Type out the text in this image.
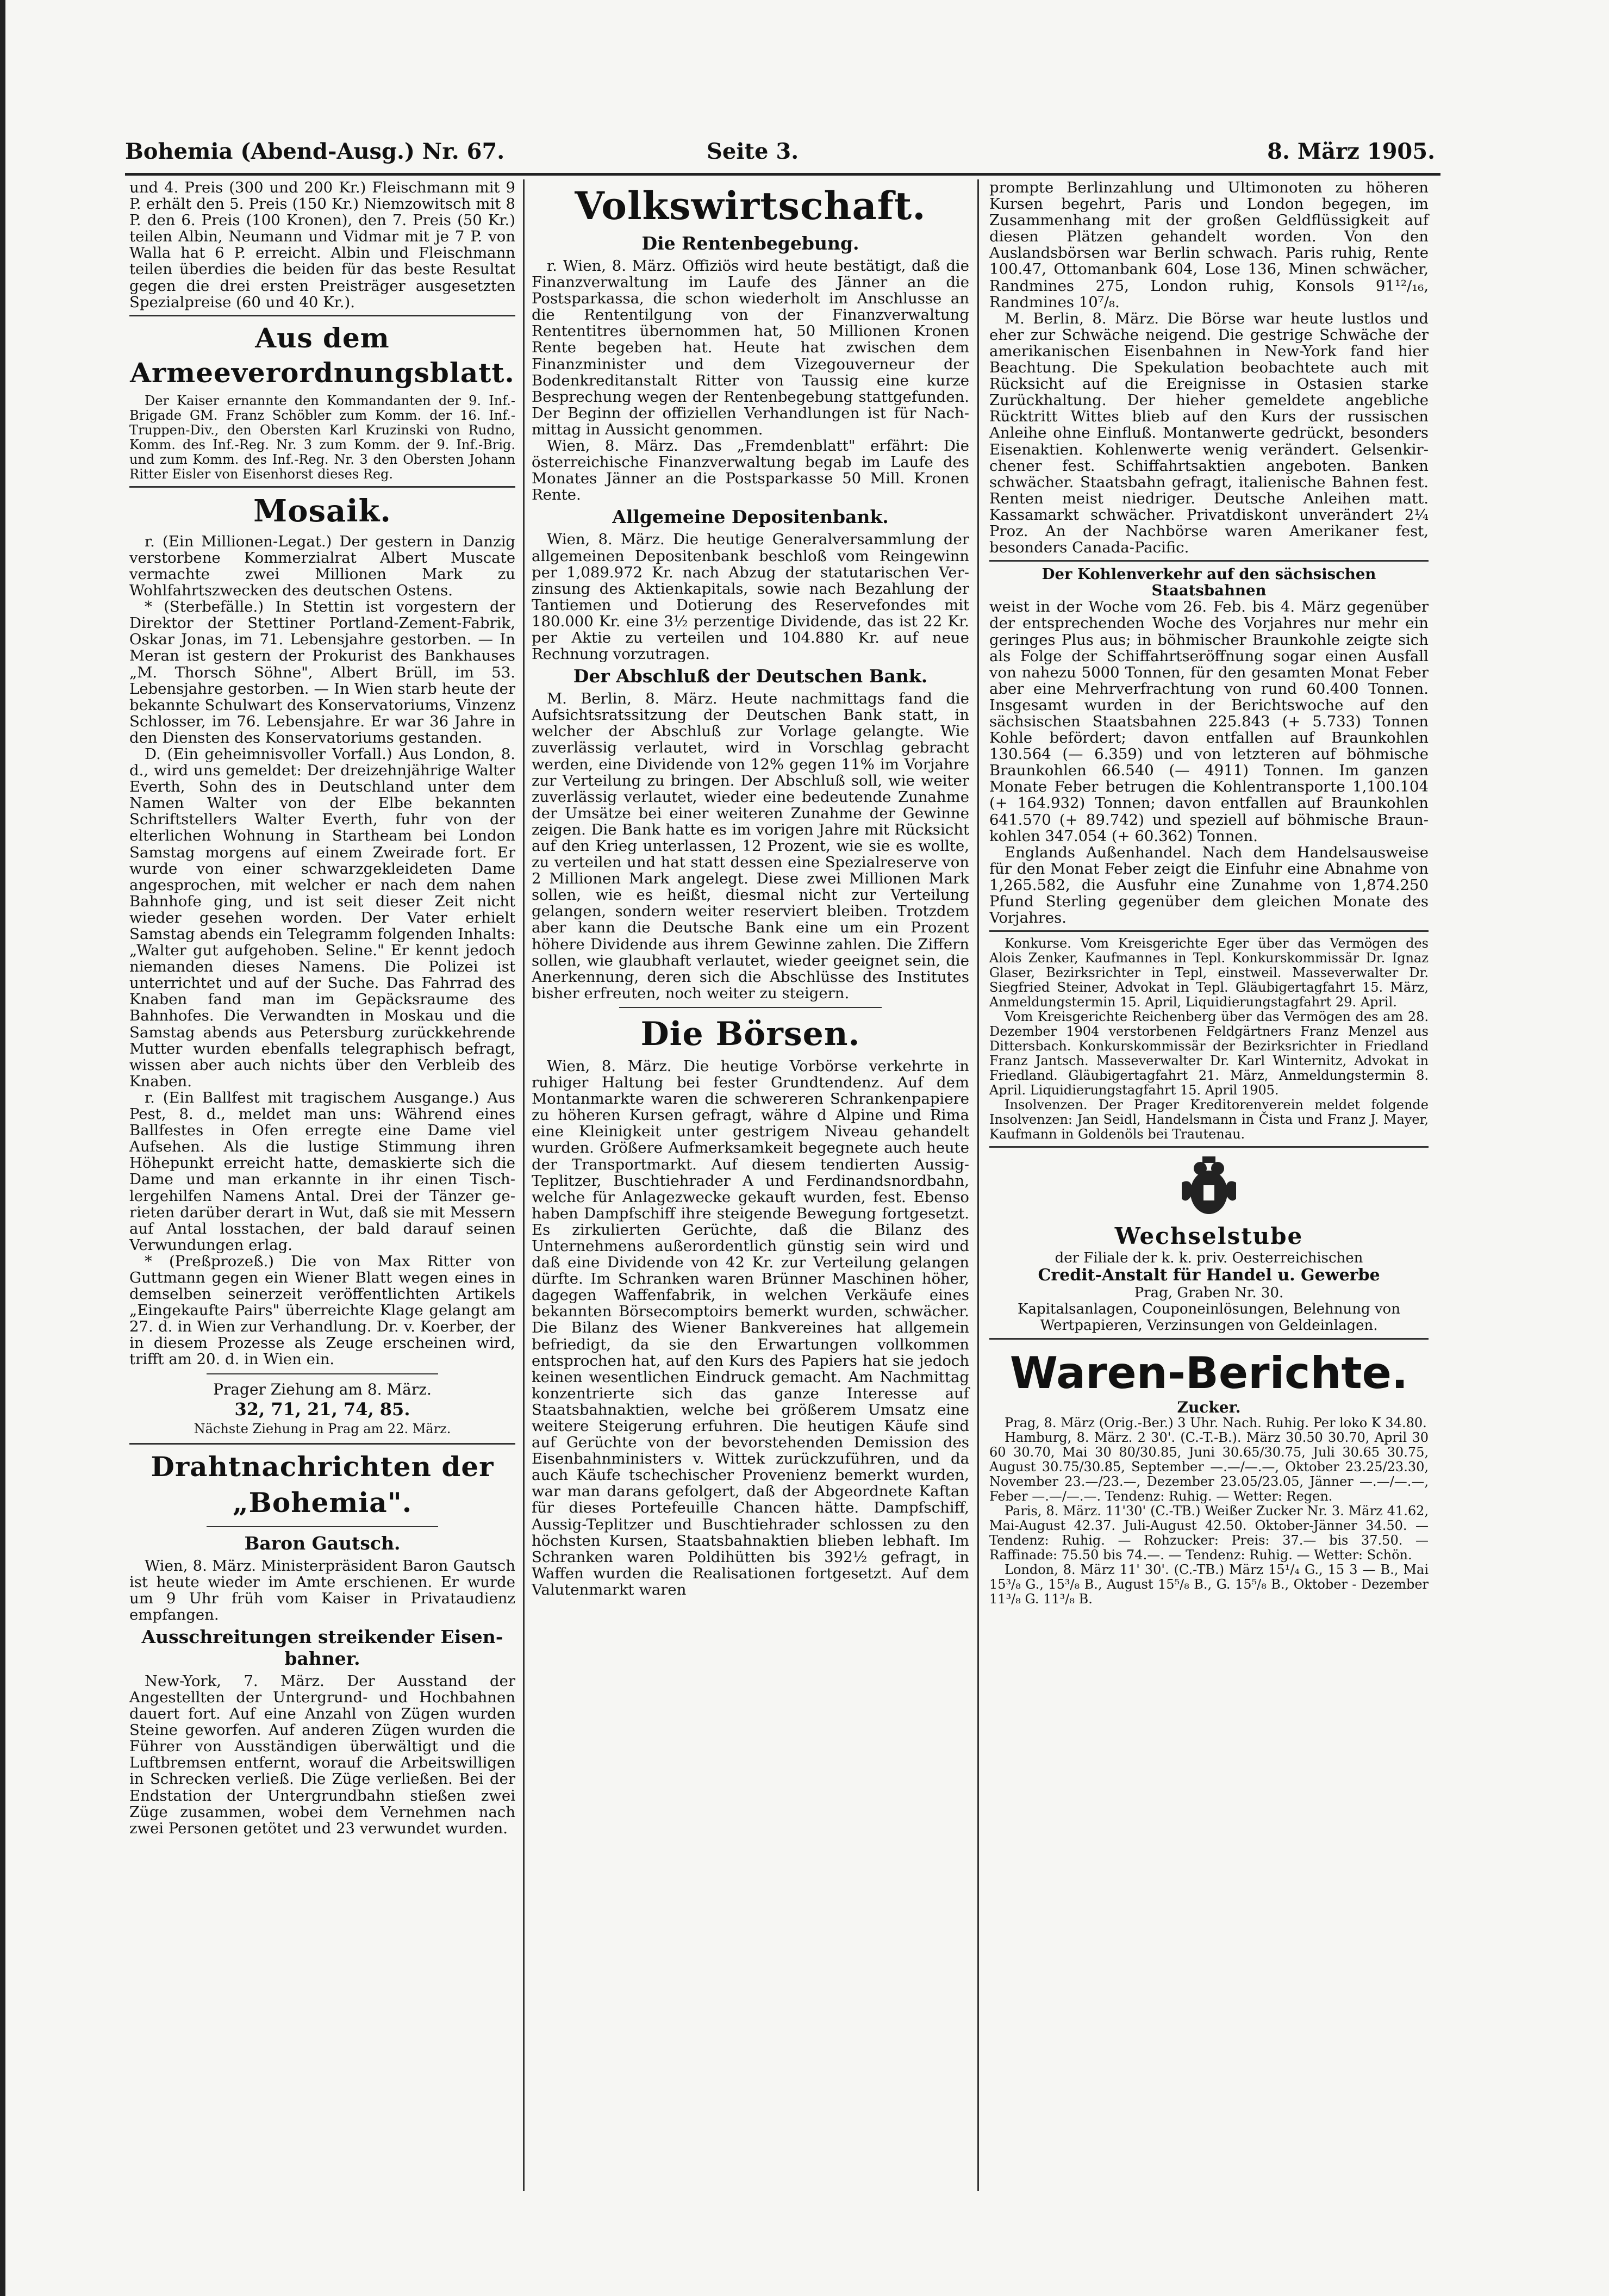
Bohemia (Abend-Ausg.) Nr. 67.	Seite 3.	8. März 1905.

und 4. Preis (300 und 200 Kr.) Fleischmann mit 9 P. erhält den 5. Preis (150 Kr.) Niemzowitsch mit 8 P. den 6. Preis (100 Kronen), den 7. Preis (50 Kr.) teilen Albin, Neumann und Vidmar mit je 7 P. von Walla hat 6 P. erreicht. Albin und Fleischmann teilen überdies die beiden für das beste Resultat gegen die drei ersten Preisträger ausgesetzten Spezialpreise (60 und 40 Kr.).

Aus dem Armeeverordnungsblatt.

Der Kaiser ernannte den Kommandanten der 9. Inf.-Brigade GM. Franz Schöbler zum Komm. der 16. Inf.-Truppen-Div., den Obersten Karl Kruzinski von Rudno, Komm. des Inf.-Reg. Nr. 3 zum Komm. der 9. Inf.-Brig. und zum Komm. des Inf.-Reg. Nr. 3 den Obersten Johann Ritter Eisler von Eisenhorst dieses Reg.

Mosaik.

r. (Ein Millionen-Legat.) Der gestern in Danzig verstorbene Kommerzialrat Albert Muscate vermachte zwei Millionen Mark zu Wohlfahrtszwecken des deutschen Ostens.

* (Sterbefälle.) In Stettin ist vorgestern der Direktor der Stettiner Portland-Zement-Fabrik, Oskar Jonas, im 71. Lebensjahre gestorben. — In Meran ist gestern der Prokurist des Bankhauses „M. Thorsch Söhne", Albert Brüll, im 53. Lebensjahre gestorben. — In Wien starb heute der bekannte Schulwart des Konservatoriums, Vinzenz Schlosser, im 76. Lebensjahre. Er war 36 Jahre in den Diensten des Konservatoriums gestanden.

D. (Ein geheimnisvoller Vorfall.) Aus London, 8. d., wird uns gemeldet: Der dreizehnjährige Walter Everth, Sohn des in Deutschland unter dem Namen Walter von der Elbe bekannten Schriftstellers Walter Everth, fuhr von der elterlichen Wohnung in Startheam bei London Samstag morgens auf einem Zweirade fort. Er wurde von einer schwarzgekleideten Dame angesprochen, mit welcher er nach dem nahen Bahnhofe ging, und ist seit dieser Zeit nicht wieder gesehen worden. Der Vater erhielt Samstag abends ein Telegramm folgenden Inhalts: „Walter gut aufgehoben. Seline." Er kennt jedoch niemanden dieses Namens. Die Polizei ist unterrichtet und auf der Suche. Das Fahrrad des Knaben fand man im Gepäcksraume des Bahnhofes. Die Verwandten in Moskau und die Samstag abends aus Petersburg zurückkehrende Mutter wurden ebenfalls telegraphisch befragt, wissen aber auch nichts über den Verbleib des Knaben.

r. (Ein Ballfest mit tragischem Ausgange.) Aus Pest, 8. d., meldet man uns: Während eines Ballfestes in Ofen erregte eine Dame viel Aufsehen. Als die lustige Stimmung ihren Höhepunkt erreicht hatte, demaskierte sich die Dame und man erkannte in ihr einen Tischlergehilfen Namens Antal. Drei der Tänzer gerieten darüber derart in Wut, daß sie mit Messern auf Antal losstachen, der bald darauf seinen Verwundungen erlag.

* (Preßprozeß.) Die von Max Ritter von Guttmann gegen ein Wiener Blatt wegen eines in demselben seinerzeit veröffentlichten Artikels „Eingekaufte Pairs" überreichte Klage gelangt am 27. d. in Wien zur Verhandlung. Dr. v. Koerber, der in diesem Prozesse als Zeuge erscheinen wird, trifft am 20. d. in Wien ein.

Prager Ziehung am 8. März.
32, 71, 21, 74, 85.
Nächste Ziehung in Prag am 22. März.
Drahtnachrichten der „Bohemia".
Baron Gautsch.

Wien, 8. März. Ministerpräsident Baron Gautsch ist heute wieder im Amte erschienen. Er wurde um 9 Uhr früh vom Kaiser in Privataudienz empfangen.

Ausschreitungen streikender Eisenbahner.

New-York, 7. März. Der Ausstand der Angestellten der Untergrund- und Hochbahnen dauert fort. Auf eine Anzahl von Zügen wurden Steine geworfen. Auf anderen Zügen wurden die Führer von Ausständigen überwältigt und die Luftbremsen entfernt, worauf die Arbeitswilligen in Schrecken verließ. Die Züge verließen. Bei der Endstation der Untergrundbahn stießen zwei Züge zusammen, wobei dem Vernehmen nach zwei Personen getötet und 23 verwundet wurden.

Volkswirtschaft.
Die Rentenbegebung.

r. Wien, 8. März. Offiziös wird heute bestätigt, daß die Finanzverwaltung im Laufe des Jänner an die Postsparkassa, die schon wiederholt im Anschlusse an die Rententilgung von der Finanzverwaltung Rententitres übernommen hat, 50 Millionen Kronen Rente begeben hat. Heute hat zwischen dem Finanzminister und dem Vizegouverneur der Bodenkreditanstalt Ritter von Taussig eine kurze Besprechung wegen der Rentenbegebung stattgefunden. Der Beginn der offiziellen Verhandlungen ist für Nachmittag in Aussicht genommen.

Wien, 8. März. Das „Fremdenblatt" erfährt: Die österreichische Finanzverwaltung begab im Laufe des Monates Jänner an die Postsparkasse 50 Mill. Kronen Rente.

Allgemeine Depositenbank.

Wien, 8. März. Die heutige Generalversammlung der allgemeinen Depositenbank beschloß vom Reingewinn per 1,089.972 Kr. nach Abzug der statutarischen Verzinsung des Aktienkapitals, sowie nach Bezahlung der Tantiemen und Dotierung des Reservefondes mit 180.000 Kr. eine 3½ perzentige Dividende, das ist 22 Kr. per Aktie zu verteilen und 104.880 Kr. auf neue Rechnung vorzutragen.

Der Abschluß der Deutschen Bank.

M. Berlin, 8. März. Heute nachmittags fand die Aufsichtsratssitzung der Deutschen Bank statt, in welcher der Abschluß zur Vorlage gelangte. Wie zuverlässig verlautet, wird in Vorschlag gebracht werden, eine Dividende von 12% gegen 11% im Vorjahre zur Verteilung zu bringen. Der Abschluß soll, wie weiter zuverlässig verlautet, wieder eine bedeutende Zunahme der Umsätze bei einer weiteren Zunahme der Gewinne zeigen. Die Bank hatte es im vorigen Jahre mit Rücksicht auf den Krieg unterlassen, 12 Prozent, wie sie es wollte, zu verteilen und hat statt dessen eine Spezialreserve von 2 Millionen Mark angelegt. Diese zwei Millionen Mark sollen, wie es heißt, diesmal nicht zur Verteilung gelangen, sondern weiter reserviert bleiben. Trotzdem aber kann die Deutsche Bank eine um ein Prozent höhere Dividende aus ihrem Gewinne zahlen. Die Ziffern sollen, wie glaubhaft verlautet, wieder geeignet sein, die Anerkennung, deren sich die Abschlüsse des Institutes bisher erfreuten, noch weiter zu steigern.

Die Börsen.

Wien, 8. März. Die heutige Vorbörse verkehrte in ruhiger Haltung bei fester Grundtendenz. Auf dem Montanmarkte waren die schwereren Schrankenpapiere zu höheren Kursen gefragt, währe d Alpine und Rima eine Kleinigkeit unter gestrigem Niveau gehandelt wurden. Größere Aufmerksamkeit begegnete auch heute der Transportmarkt. Auf diesem tendierten Aussig-Teplitzer, Buschtiehrader A und Ferdinandsnordbahn, welche für Anlagezwecke gekauft wurden, fest. Ebenso haben Dampfschiff ihre steigende Bewegung fortgesetzt. Es zirkulierten Gerüchte, daß die Bilanz des Unternehmens außerordentlich günstig sein wird und daß eine Dividende von 42 Kr. zur Verteilung gelangen dürfte. Im Schranken waren Brünner Maschinen höher, dagegen Waffenfabrik, in welchen Verkäufe eines bekannten Börsecomptoirs bemerkt wurden, schwächer. Die Bilanz des Wiener Bankvereines hat allgemein befriedigt, da sie den Erwartungen vollkommen entsprochen hat, auf den Kurs des Papiers hat sie jedoch keinen wesentlichen Eindruck gemacht. Am Nachmittag konzentrierte sich das ganze Interesse auf Staatsbahnaktien, welche bei größerem Umsatz eine weitere Steigerung erfuhren. Die heutigen Käufe sind auf Gerüchte von der bevorstehenden Demission des Eisenbahnministers v. Wittek zurückzuführen, und da auch Käufe tschechischer Provenienz bemerkt wurden, war man darans gefolgert, daß der Abgeordnete Kaftan für dieses Portefeuille Chancen hätte. Dampfschiff, Aussig-Teplitzer und Buschtiehrader schlossen zu den höchsten Kursen, Staatsbahnaktien blieben lebhaft. Im Schranken waren Poldihütten bis 392½ gefragt, in Waffen wurden die Realisationen fortgesetzt. Auf dem Valutenmarkt waren

prompte Berlinzahlung und Ultimonoten zu höheren Kursen begehrt, Paris und London begegen, im Zusammenhang mit der großen Geldflüssigkeit auf diesen Plätzen gehandelt worden. Von den Auslandsbörsen war Berlin schwach. Paris ruhig, Rente 100.47, Ottomanbank 604, Lose 136, Minen schwächer, Randmines 275, London ruhig, Konsols 91¹²/₁₆, Randmines 10⁷/₈.

M. Berlin, 8. März. Die Börse war heute lustlos und eher zur Schwäche neigend. Die gestrige Schwäche der amerikanischen Eisenbahnen in New-York fand hier Beachtung. Die Spekulation beobachtete auch mit Rücksicht auf die Ereignisse in Ostasien starke Zurückhaltung. Der hieher gemeldete angebliche Rücktritt Wittes blieb auf den Kurs der russischen Anleihe ohne Einfluß. Montanwerte gedrückt, besonders Eisenaktien. Kohlenwerte wenig verändert. Gelsenkirchener fest. Schiffahrtsaktien angeboten. Banken schwächer. Staatsbahn gefragt, italienische Bahnen fest. Renten meist niedriger. Deutsche Anleihen matt. Kassamarkt schwächer. Privatdiskont unverändert 2¼ Proz. An der Nachbörse waren Amerikaner fest, besonders Canada-Pacific.

Der Kohlenverkehr auf den sächsischen Staatsbahnen

weist in der Woche vom 26. Feb. bis 4. März gegenüber der entsprechenden Woche des Vorjahres nur mehr ein geringes Plus aus; in böhmischer Braunkohle zeigte sich als Folge der Schiffahrtseröffnung sogar einen Ausfall von nahezu 5000 Tonnen, für den gesamten Monat Feber aber eine Mehrverfrachtung von rund 60.400 Tonnen. Insgesamt wurden in der Berichtswoche auf den sächsischen Staatsbahnen 225.843 (+ 5.733) Tonnen Kohle befördert; davon entfallen auf Braunkohlen 130.564 (— 6.359) und von letzteren auf böhmische Braunkohlen 66.540 (— 4911) Tonnen. Im ganzen Monate Feber betrugen die Kohlentransporte 1,100.104 (+ 164.932) Tonnen; davon entfallen auf Braunkohlen 641.570 (+ 89.742) und speziell auf böhmische Braunkohlen 347.054 (+ 60.362) Tonnen.

Englands Außenhandel. Nach dem Handelsausweise für den Monat Feber zeigt die Einfuhr eine Abnahme von 1,265.582, die Ausfuhr eine Zunahme von 1,874.250 Pfund Sterling gegenüber dem gleichen Monate des Vorjahres.

Konkurse. Vom Kreisgerichte Eger über das Vermögen des Alois Zenker, Kaufmannes in Tepl. Konkurskommissär Dr. Ignaz Glaser, Bezirksrichter in Tepl, einstweil. Masseverwalter Dr. Siegfried Steiner, Advokat in Tepl. Gläubigertagfahrt 15. März, Anmeldungstermin 15. April, Liquidierungstagfahrt 29. April.

Vom Kreisgerichte Reichenberg über das Vermögen des am 28. Dezember 1904 verstorbenen Feldgärtners Franz Menzel aus Dittersbach. Konkurskommissär der Bezirksrichter in Friedland Franz Jantsch. Masseverwalter Dr. Karl Winternitz, Advokat in Friedland. Gläubigertagfahrt 21. März, Anmeldungstermin 8. April. Liquidierungstagfahrt 15. April 1905.

Insolvenzen. Der Prager Kreditorenverein meldet folgende Insolvenzen: Jan Seidl, Handelsmann in Čista und Franz J. Mayer, Kaufmann in Goldenöls bei Trautenau.

Wechselstube
der Filiale der k. k. priv. Oesterreichischen
Credit-Anstalt für Handel u. Gewerbe
Prag, Graben Nr. 30.
Kapitalsanlagen, Couponeinlösungen, Belehnung von
Wertpapieren, Verzinsungen von Geldeinlagen.
Waren-Berichte.
Zucker.

Prag, 8. März (Orig.-Ber.) 3 Uhr. Nach. Ruhig. Per loko K 34.80.

Hamburg, 8. März. 2 30'. (C.-T.-B.). März 30.50 30.70, April 30 60 30.70, Mai 30 80/30.85, Juni 30.65/30.75, Juli 30.65 30.75, August 30.75/30.85, September —.—/—.—, Oktober 23.25/23.30, November 23.—/23.—, Dezember 23.05/23.05, Jänner —.—/—.—, Feber —.—/—.—. Tendenz: Ruhig. — Wetter: Regen.

Paris, 8. März. 11'30' (C.-TB.) Weißer Zucker Nr. 3. März 41.62, Mai-August 42.37. Juli-August 42.50. Oktober-Jänner 34.50. — Tendenz: Ruhig. — Rohzucker: Preis: 37.— bis 37.50. — Raffinade: 75.50 bis 74.—. — Tendenz: Ruhig. — Wetter: Schön.

London, 8. März 11' 30'. (C.-TB.) März 15¹/₄ G., 15 3 — B., Mai 15³/₈ G., 15³/₈ B., August 15⁵/₈ B., G. 15⁵/₈ B., Oktober - Dezember 11³/₈ G. 11³/₈ B.
